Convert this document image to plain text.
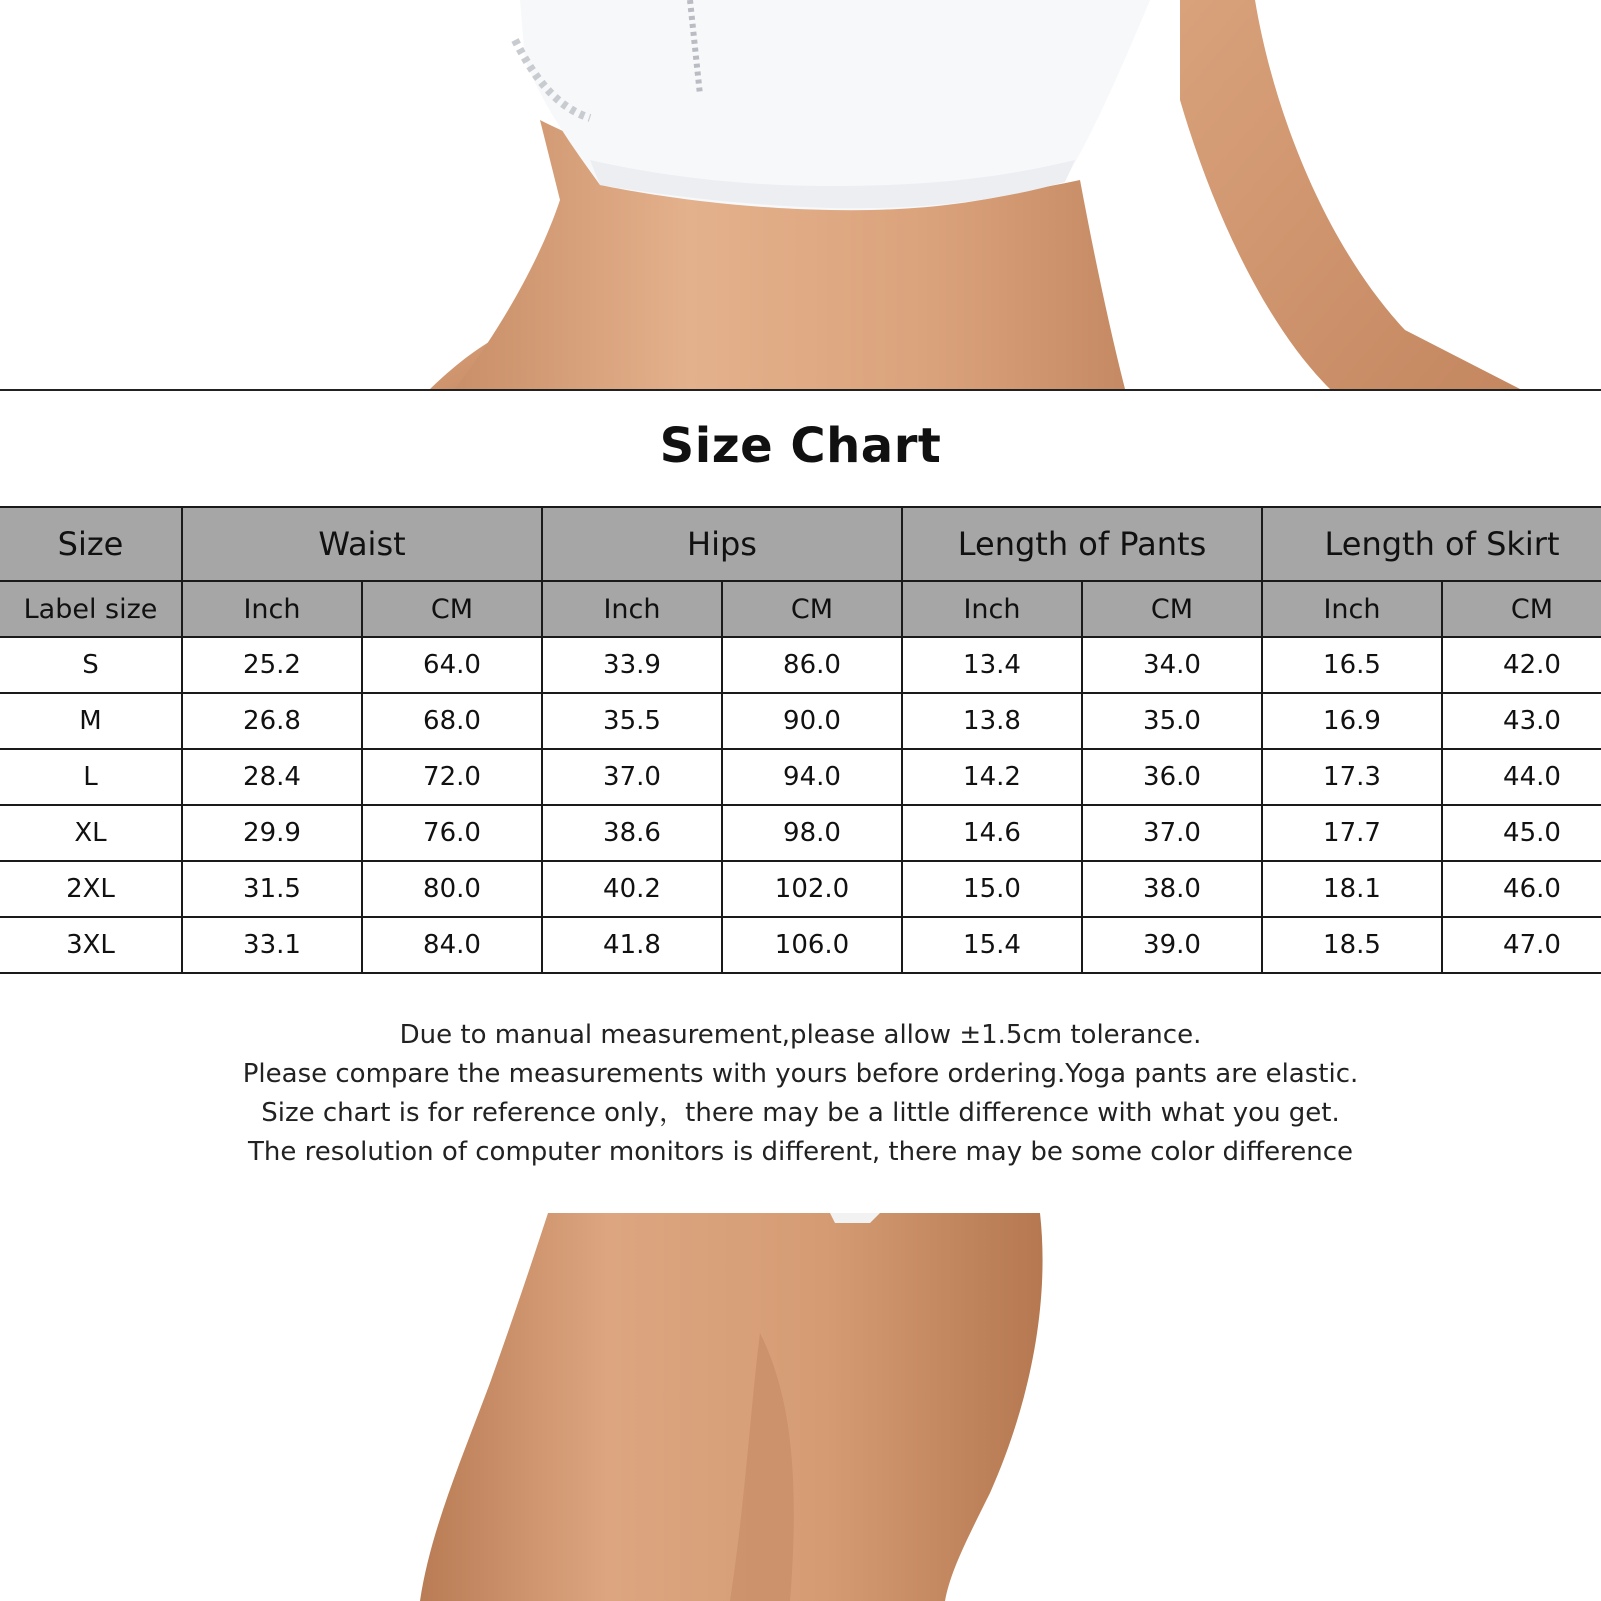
Size Chart
Size	Waist		Hips		Length of Pants		Length of Skirt	
Label size	Inch	CM	Inch	CM	Inch	CM	Inch	CM
S	25.2	64.0	33.9	86.0	13.4	34.0	16.5	42.0
M	26.8	68.0	35.5	90.0	13.8	35.0	16.9	43.0
L	28.4	72.0	37.0	94.0	14.2	36.0	17.3	44.0
XL	29.9	76.0	38.6	98.0	14.6	37.0	17.7	45.0
2XL	31.5	80.0	40.2	102.0	15.0	38.0	18.1	46.0
3XL	33.1	84.0	41.8	106.0	15.4	39.0	18.5	47.0
Due to manual measurement,please allow ±1.5cm tolerance.
Please compare the measurements with yours before ordering.Yoga pants are elastic.
Size chart is for reference only，there may be a little difference with what you get.
The resolution of computer monitors is different, there may be some color difference
